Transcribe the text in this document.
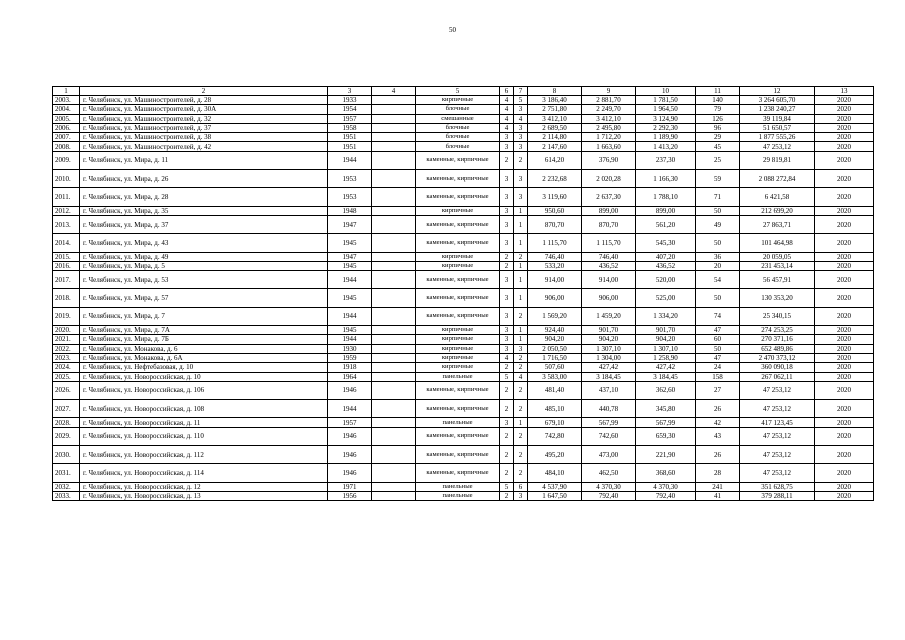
50
1	2	3	4	5	6	7	8	9	10	11	12	13
2003.	г. Челябинск, ул. Машиностроителей, д. 28	1933		кирпичные	4	5	3 186,40	2 881,70	1 781,50	140	3 264 605,70	2020
2004.	г. Челябинск, ул. Машиностроителей, д. 30А	1954		блочные	4	3	2 751,80	2 249,70	1 964,50	79	1 238 240,27	2020
2005.	г. Челябинск, ул. Машиностроителей, д. 32	1957		смешанные	4	4	3 412,10	3 412,10	3 124,90	126	39 119,84	2020
2006.	г. Челябинск, ул. Машиностроителей, д. 37	1958		блочные	4	3	2 689,50	2 495,80	2 292,30	96	51 650,57	2020
2007.	г. Челябинск, ул. Машиностроителей, д. 38	1951		блочные	3	3	2 114,80	1 712,20	1 189,90	29	1 877 555,26	2020
2008.	г. Челябинск, ул. Машиностроителей, д. 42	1951		блочные	3	3	2 147,60	1 663,60	1 413,20	45	47 253,12	2020
2009.	г. Челябинск, ул. Мира, д. 11	1944		каменные, кирпичные	2	2	614,20	376,90	237,30	25	29 819,81	2020
2010.	г. Челябинск, ул. Мира, д. 26	1953		каменные, кирпичные	3	3	2 232,68	2 020,28	1 166,30	59	2 088 272,84	2020
2011.	г. Челябинск, ул. Мира, д. 28	1953		каменные, кирпичные	3	3	3 119,60	2 637,30	1 788,10	71	6 421,58	2020
2012.	г. Челябинск, ул. Мира, д. 35	1948		кирпичные	3	1	950,60	899,00	899,00	50	212 699,20	2020
2013.	г. Челябинск, ул. Мира, д. 37	1947		каменные, кирпичные	3	1	870,70	870,70	561,20	49	27 863,71	2020
2014.	г. Челябинск, ул. Мира, д. 43	1945		каменные, кирпичные	3	1	1 115,70	1 115,70	545,30	50	101 464,98	2020
2015.	г. Челябинск, ул. Мира, д. 49	1947		кирпичные	2	2	746,40	746,40	407,20	36	20 059,05	2020
2016.	г. Челябинск, ул. Мира, д. 5	1945		кирпичные	2	1	533,20	436,52	436,52	20	231 453,14	2020
2017.	г. Челябинск, ул. Мира, д. 53	1944		каменные, кирпичные	3	1	914,00	914,00	520,00	54	56 457,91	2020
2018.	г. Челябинск, ул. Мира, д. 57	1945		каменные, кирпичные	3	1	906,00	906,00	525,00	50	130 353,20	2020
2019.	г. Челябинск, ул. Мира, д. 7	1944		каменные, кирпичные	3	2	1 569,20	1 459,20	1 334,20	74	25 340,15	2020
2020.	г. Челябинск, ул. Мира, д. 7А	1945		кирпичные	3	1	924,40	901,70	901,70	47	274 253,25	2020
2021.	г. Челябинск, ул. Мира, д. 7Б	1944		кирпичные	3	1	904,20	904,20	904,20	60	270 371,16	2020
2022.	г. Челябинск, ул. Монакова, д. 6	1930		кирпичные	3	3	2 050,50	1 307,10	1 307,10	50	652 489,86	2020
2023.	г. Челябинск, ул. Монакова, д. 6А	1959		кирпичные	4	2	1 716,50	1 304,00	1 258,90	47	2 470 373,12	2020
2024.	г. Челябинск, ул. Нефтебазовая, д. 10	1918		кирпичные	2	2	507,60	427,42	427,42	24	360 090,18	2020
2025.	г. Челябинск, ул. Новороссийская, д. 10	1964		панельные	5	4	3 583,00	3 184,45	3 184,45	158	267 062,11	2020
2026.	г. Челябинск, ул. Новороссийская, д. 106	1946		каменные, кирпичные	2	2	481,40	437,10	362,60	27	47 253,12	2020
2027.	г. Челябинск, ул. Новороссийская, д. 108	1944		каменные, кирпичные	2	2	485,10	440,78	345,80	26	47 253,12	2020
2028.	г. Челябинск, ул. Новороссийская, д. 11	1957		панельные	3	1	679,10	567,99	567,99	42	417 123,45	2020
2029.	г. Челябинск, ул. Новороссийская, д. 110	1946		каменные, кирпичные	2	2	742,80	742,60	659,30	43	47 253,12	2020
2030.	г. Челябинск, ул. Новороссийская, д. 112	1946		каменные, кирпичные	2	2	495,20	473,00	221,90	26	47 253,12	2020
2031.	г. Челябинск, ул. Новороссийская, д. 114	1946		каменные, кирпичные	2	2	484,10	462,50	368,60	28	47 253,12	2020
2032.	г. Челябинск, ул. Новороссийская, д. 12	1971		панельные	5	6	4 537,90	4 370,30	4 370,30	241	351 628,75	2020
2033.	г. Челябинск, ул. Новороссийская, д. 13	1956		панельные	2	3	1 647,50	792,40	792,40	41	379 288,11	2020
